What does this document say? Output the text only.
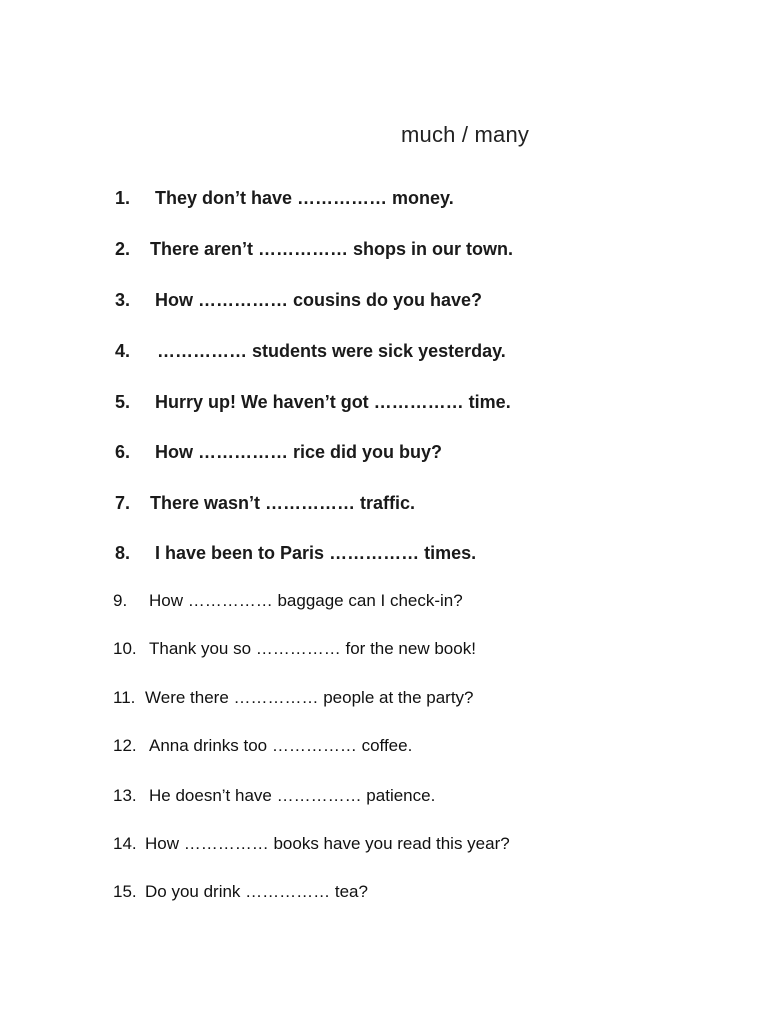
much / many
1. They don’t have …………… money.
2. There aren’t …………… shops in our town.
3. How …………… cousins do you have?
4. …………… students were sick yesterday.
5. Hurry up! We haven’t got …………… time.
6. How …………… rice did you buy?
7. There wasn’t …………… traffic.
8. I have been to Paris …………… times.
9. How …………… baggage can I check-in?
10. Thank you so …………… for the new book!
11. Were there …………… people at the party?
12. Anna drinks too …………… coffee.
13. He doesn’t have …………… patience.
14. How …………… books have you read this year?
15. Do you drink …………… tea?
